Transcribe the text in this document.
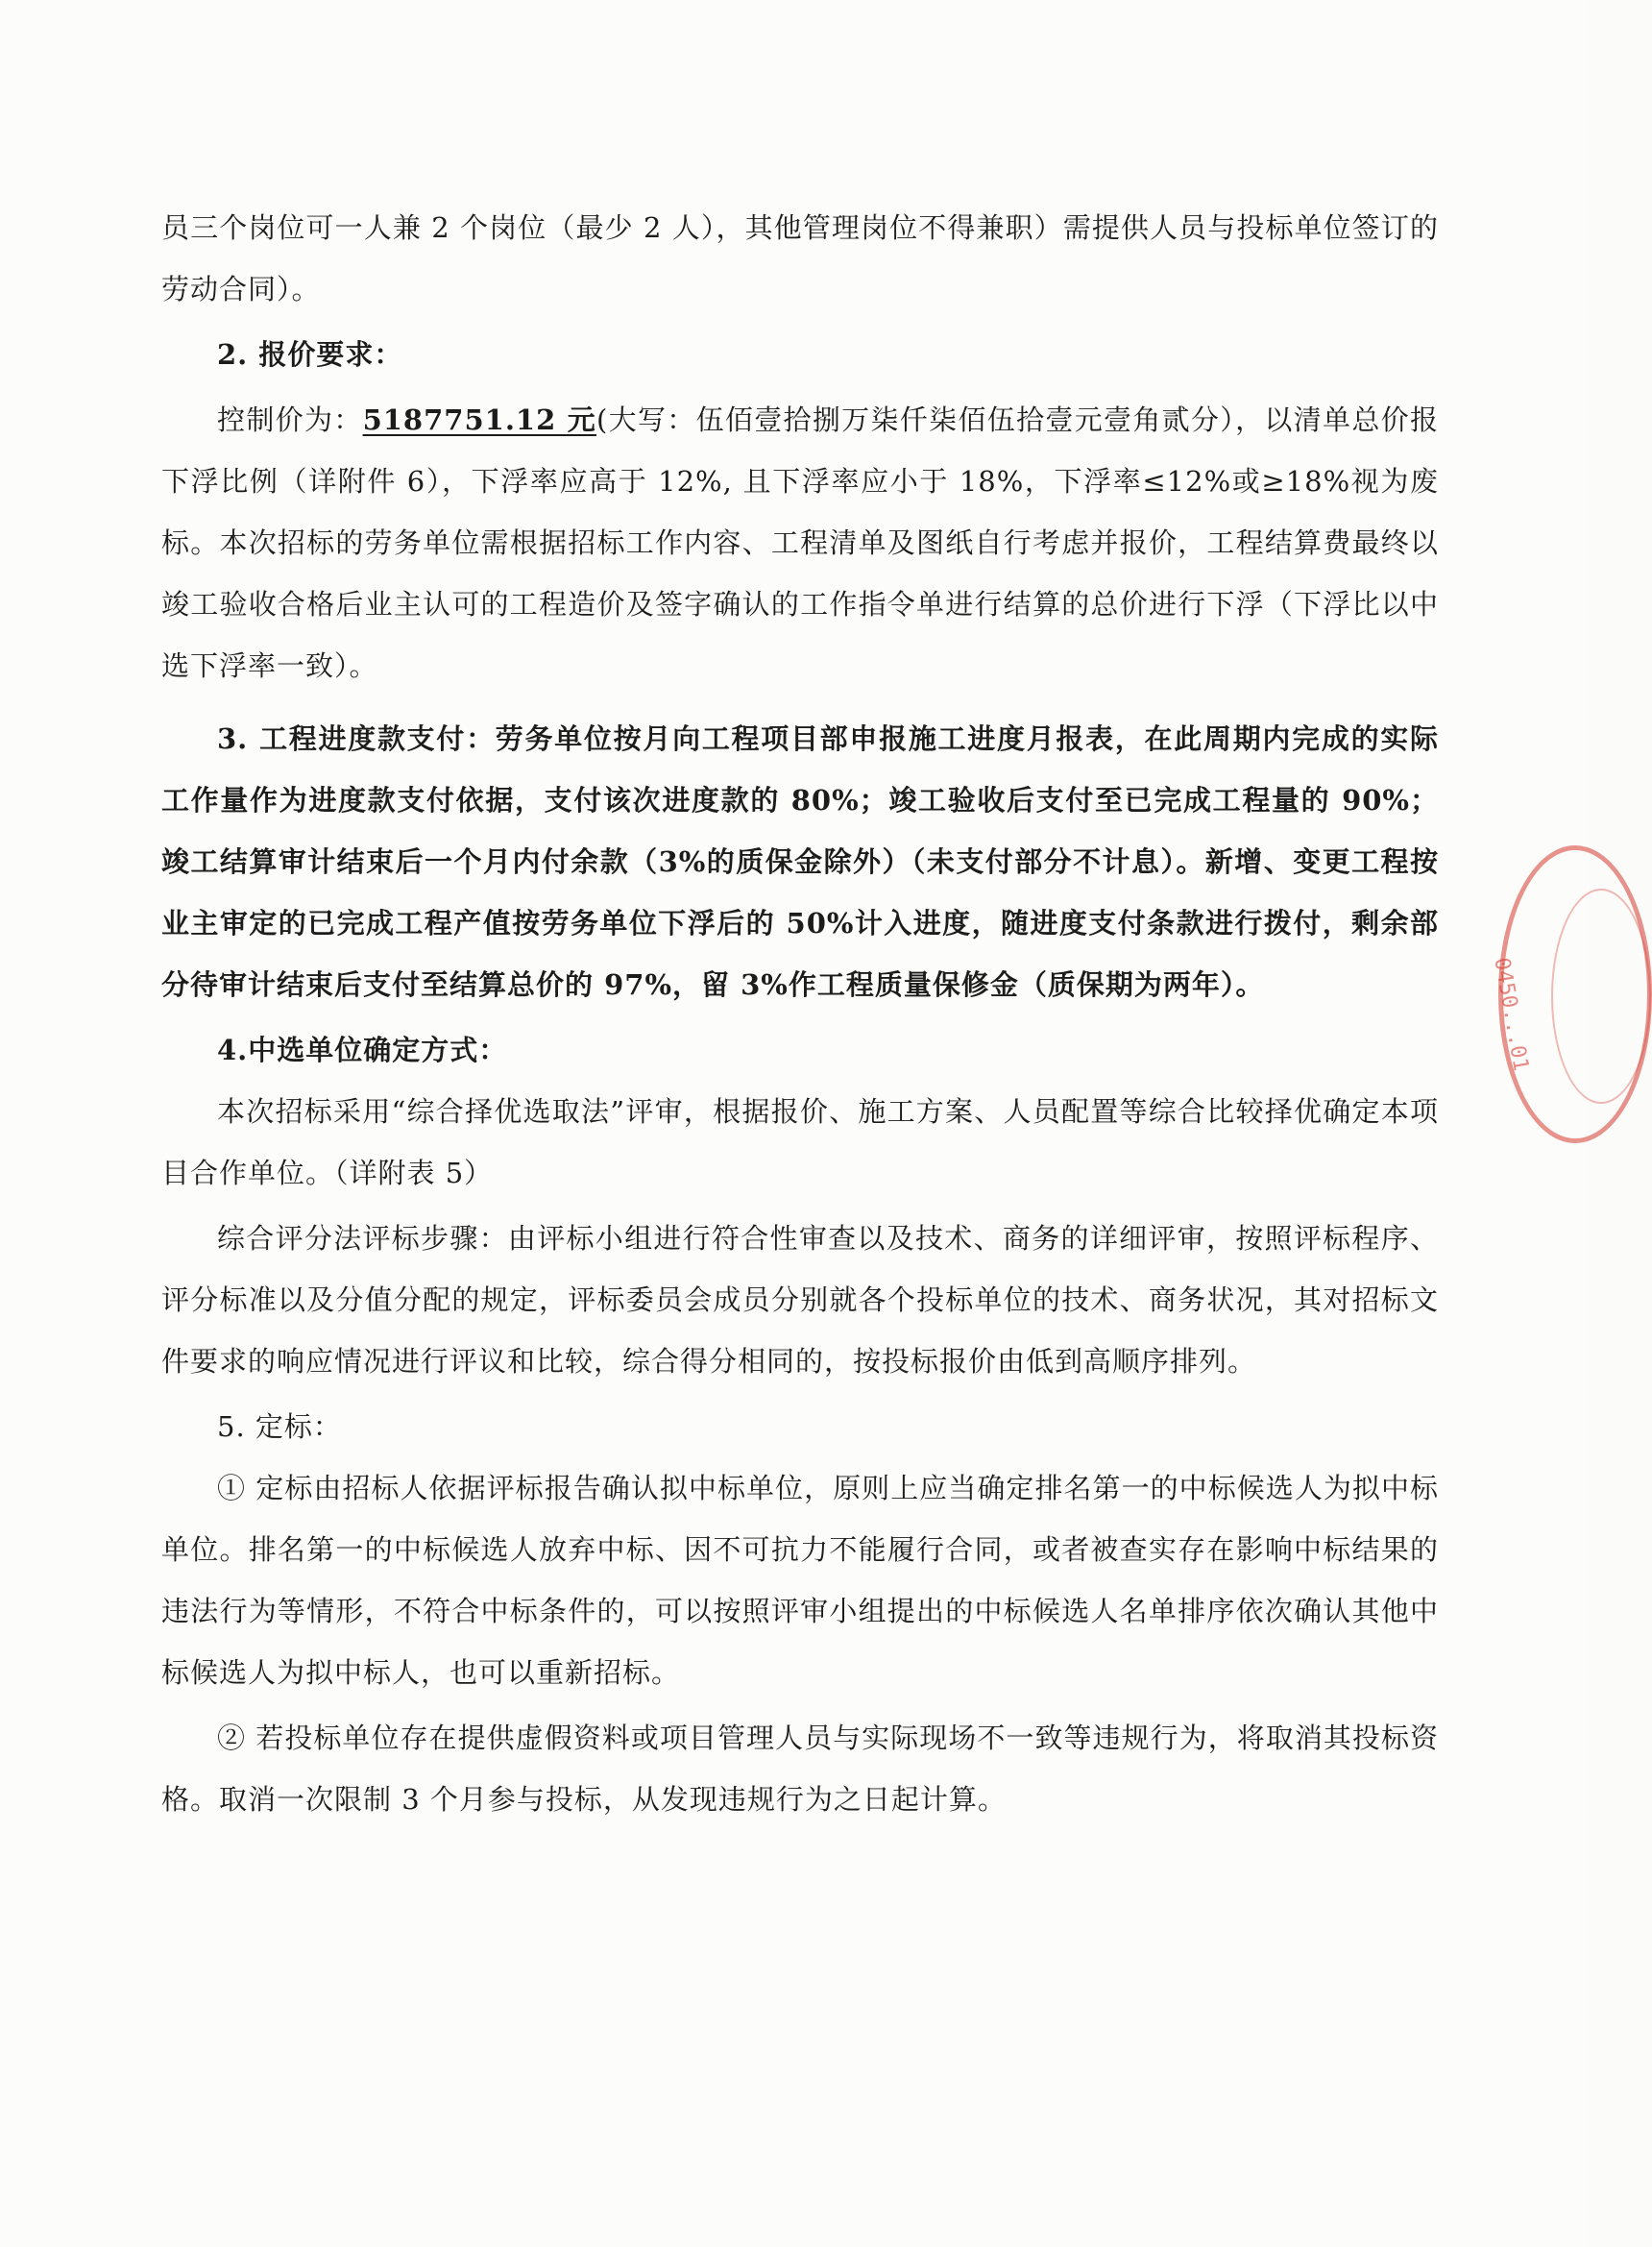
员三个岗位可一人兼 2 个岗位（最少 2 人），其他管理岗位不得兼职）需提供人员与投标单位签订的劳动合同）。

2. 报价要求：

控制价为：5187751.12 元(大写：伍佰壹拾捌万柒仟柒佰伍拾壹元壹角贰分），以清单总价报下浮比例（详附件 6），下浮率应高于 12%, 且下浮率应小于 18%，下浮率≤12%或≥18%视为废标。本次招标的劳务单位需根据招标工作内容、工程清单及图纸自行考虑并报价，工程结算费最终以竣工验收合格后业主认可的工程造价及签字确认的工作指令单进行结算的总价进行下浮（下浮比以中选下浮率一致）。

3. 工程进度款支付：劳务单位按月向工程项目部申报施工进度月报表，在此周期内完成的实际工作量作为进度款支付依据，支付该次进度款的 80%；竣工验收后支付至已完成工程量的 90%；竣工结算审计结束后一个月内付余款（3%的质保金除外）（未支付部分不计息）。新增、变更工程按业主审定的已完成工程产值按劳务单位下浮后的 50%计入进度，随进度支付条款进行拨付，剩余部分待审计结束后支付至结算总价的 97%，留 3%作工程质量保修金（质保期为两年）。

4.中选单位确定方式：

本次招标采用“综合择优选取法”评审，根据报价、施工方案、人员配置等综合比较择优确定本项目合作单位。（详附表 5）

综合评分法评标步骤：由评标小组进行符合性审查以及技术、商务的详细评审，按照评标程序、评分标准以及分值分配的规定，评标委员会成员分别就各个投标单位的技术、商务状况，其对招标文件要求的响应情况进行评议和比较，综合得分相同的，按投标报价由低到高顺序排列。

5. 定标：

① 定标由招标人依据评标报告确认拟中标单位，原则上应当确定排名第一的中标候选人为拟中标单位。排名第一的中标候选人放弃中标、因不可抗力不能履行合同，或者被查实存在影响中标结果的违法行为等情形，不符合中标条件的，可以按照评审小组提出的中标候选人名单排序依次确认其他中标候选人为拟中标人，也可以重新招标。

② 若投标单位存在提供虚假资料或项目管理人员与实际现场不一致等违规行为，将取消其投标资格。取消一次限制 3 个月参与投标，从发现违规行为之日起计算。

0450...01
